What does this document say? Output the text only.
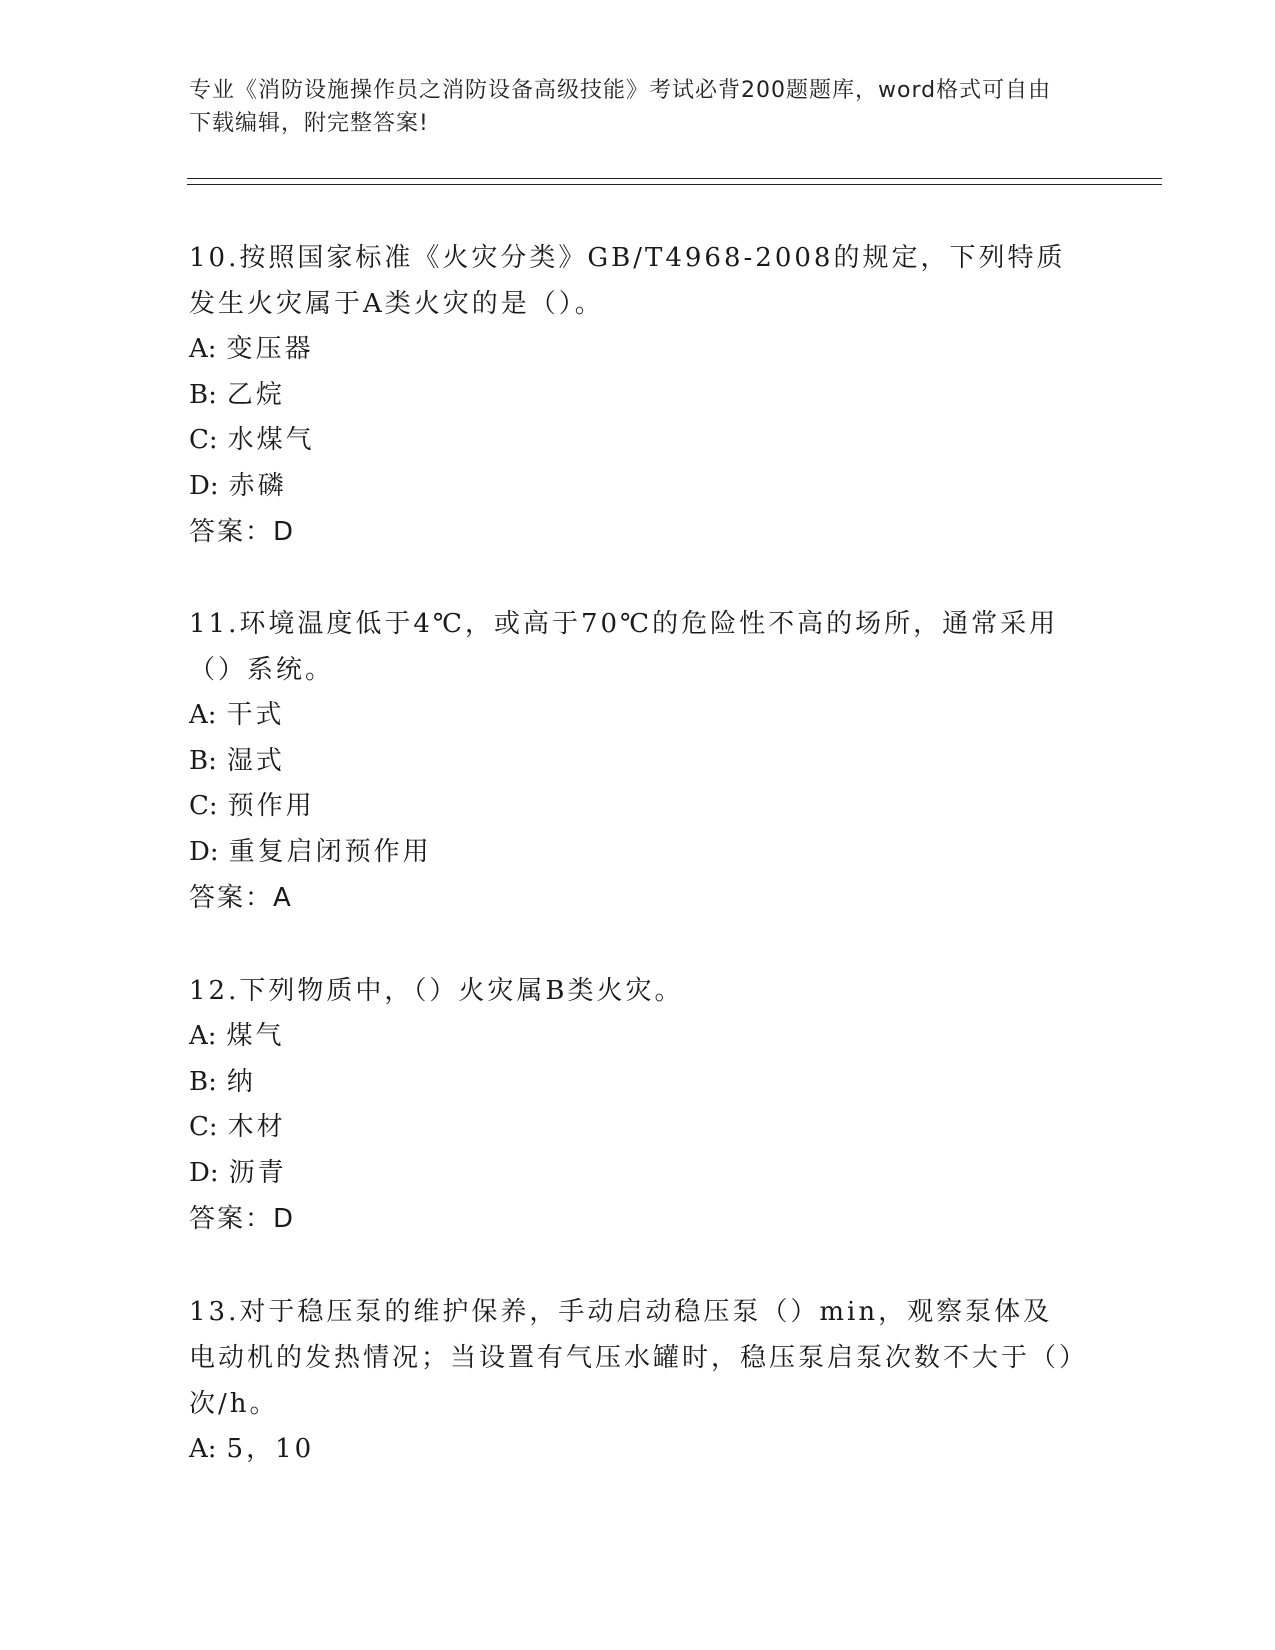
专业《消防设施操作员之消防设备高级技能》考试必背200题题库，word格式可自由下载编辑，附完整答案!
10.按照国家标准《火灾分类》GB/T4968-2008的规定，下列特质发生火灾属于A类火灾的是（）。
A: 变压器
B: 乙烷
C: 水煤气
D: 赤磷
答案：D
11.环境温度低于4℃，或高于70℃的危险性不高的场所，通常采用（）系统。
A: 干式
B: 湿式
C: 预作用
D: 重复启闭预作用
答案：A
12.下列物质中，（）火灾属B类火灾。
A: 煤气
B: 纳
C: 木材
D: 沥青
答案：D
13.对于稳压泵的维护保养，手动启动稳压泵（）min，观察泵体及电动机的发热情况；当设置有气压水罐时，稳压泵启泵次数不大于（）次/h。
A: 5，10
